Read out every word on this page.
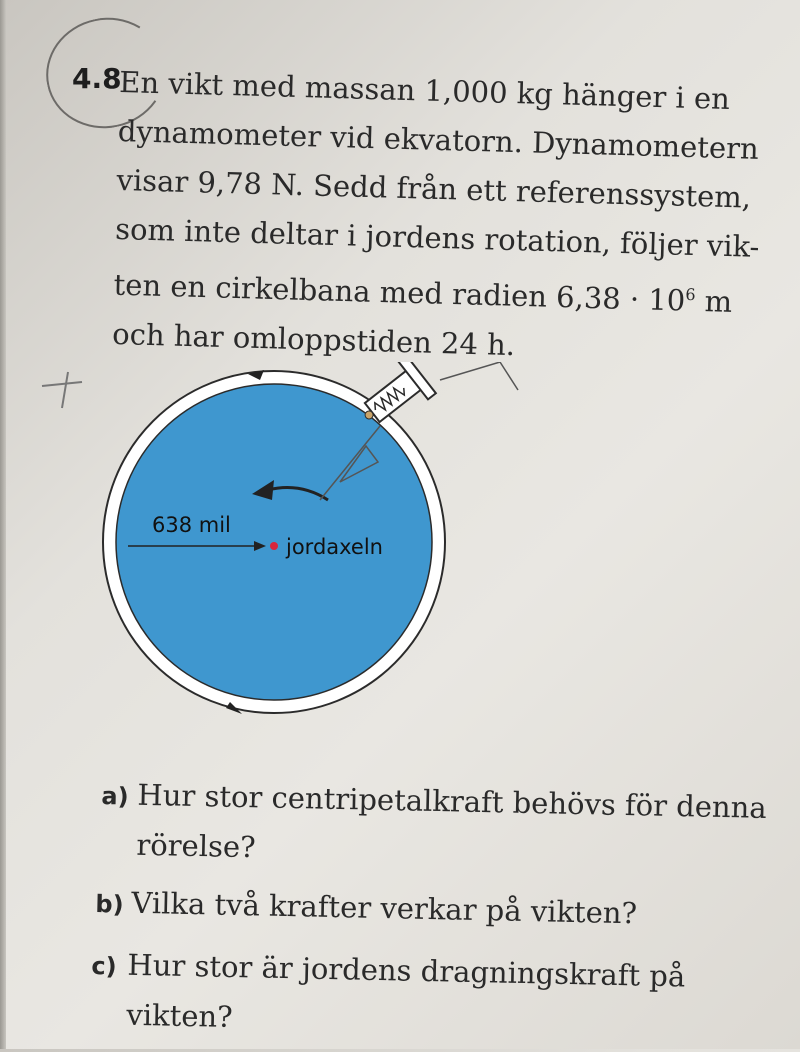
4.8
En vikt med massan 1,000 kg hänger i en
dynamometer vid ekvatorn. Dynamometern
visar 9,78 N. Sedd från ett referenssystem,
som inte deltar i jordens rotation, följer vik-
ten en cirkelbana med radien $6,38 \cdot 10^6$ m
och har omloppstiden 24 h.
638 mil
jordaxeln
a) Hur stor centripetalkraft behövs för denna
rörelse?
b) Vilka två krafter verkar på vikten?
c) Hur stor är jordens dragningskraft på
vikten?
